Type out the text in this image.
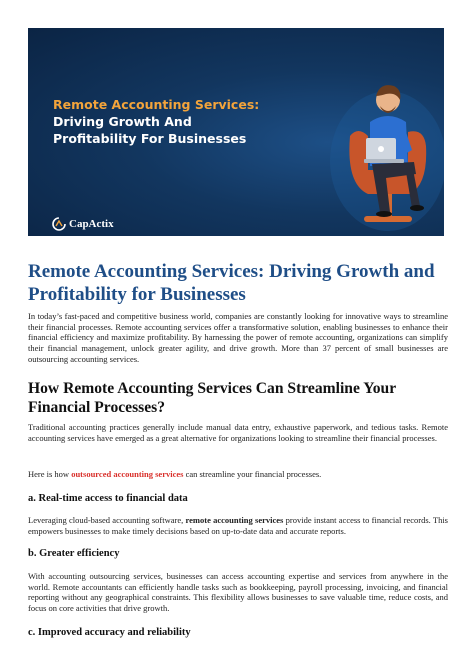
Remote Accounting Services:
Driving Growth And
Profitability For Businesses
CapActix
Remote Accounting Services: Driving Growth and Profitability for Businesses
In today’s fast-paced and competitive business world, companies are constantly looking for innovative ways to streamline their financial processes. Remote accounting services offer a transformative solution, enabling businesses to enhance their financial efficiency and maximize profitability. By harnessing the power of remote accounting, organizations can simplify their financial management, unlock greater agility, and drive growth. More than 37 percent of small businesses are outsourcing accounting services.
How Remote Accounting Services Can Streamline Your Financial Processes?
Traditional accounting practices generally include manual data entry, exhaustive paperwork, and tedious tasks. Remote accounting services have emerged as a great alternative for organizations looking to streamline their financial processes.
Here is how outsourced accounting services can streamline your financial processes.
a. Real-time access to financial data
Leveraging cloud-based accounting software, remote accounting services provide instant access to financial records. This empowers businesses to make timely decisions based on up-to-date data and accurate reports.
b. Greater efficiency
With accounting outsourcing services, businesses can access accounting expertise and services from anywhere in the world. Remote accountants can efficiently handle tasks such as bookkeeping, payroll processing, invoicing, and financial reporting without any geographical constraints. This flexibility allows businesses to save valuable time, reduce costs, and focus on core activities that drive growth.
c. Improved accuracy and reliability
